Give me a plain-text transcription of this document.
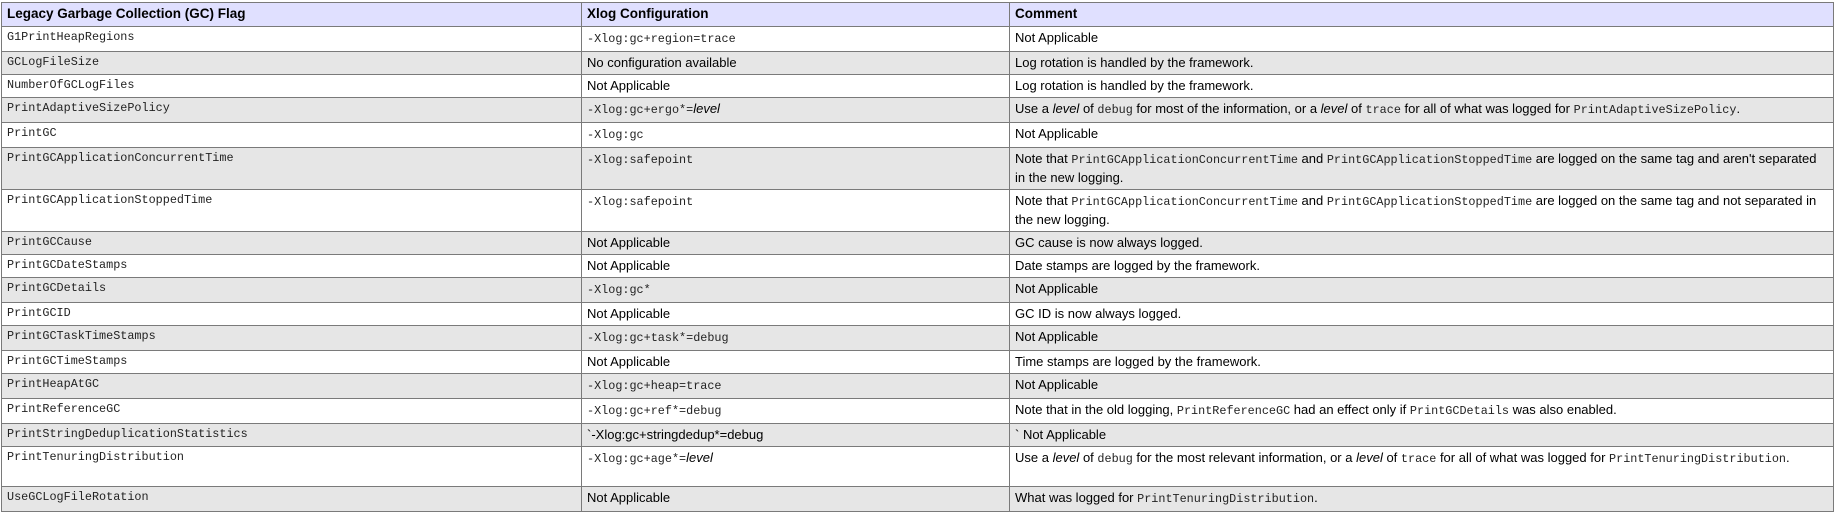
Legacy Garbage Collection (GC) Flag	Xlog Configuration	Comment
G1PrintHeapRegions	-Xlog:gc+region=trace	Not Applicable
GCLogFileSize	No configuration available	Log rotation is handled by the framework.
NumberOfGCLogFiles	Not Applicable	Log rotation is handled by the framework.
PrintAdaptiveSizePolicy	-Xlog:gc+ergo*=level	Use a level of debug for most of the information, or a level of trace for all of what was logged for PrintAdaptiveSizePolicy.
PrintGC	-Xlog:gc	Not Applicable
PrintGCApplicationConcurrentTime	-Xlog:safepoint	Note that PrintGCApplicationConcurrentTime and PrintGCApplicationStoppedTime are logged on the same tag and aren't separated in the new logging.
PrintGCApplicationStoppedTime	-Xlog:safepoint	Note that PrintGCApplicationConcurrentTime and PrintGCApplicationStoppedTime are logged on the same tag and not separated in the new logging.
PrintGCCause	Not Applicable	GC cause is now always logged.
PrintGCDateStamps	Not Applicable	Date stamps are logged by the framework.
PrintGCDetails	-Xlog:gc*	Not Applicable
PrintGCID	Not Applicable	GC ID is now always logged.
PrintGCTaskTimeStamps	-Xlog:gc+task*=debug	Not Applicable
PrintGCTimeStamps	Not Applicable	Time stamps are logged by the framework.
PrintHeapAtGC	-Xlog:gc+heap=trace	Not Applicable
PrintReferenceGC	-Xlog:gc+ref*=debug	Note that in the old logging, PrintReferenceGC had an effect only if PrintGCDetails was also enabled.
PrintStringDeduplicationStatistics	`-Xlog:gc+stringdedup*=debug	` Not Applicable
PrintTenuringDistribution	-Xlog:gc+age*=level	Use a level of debug for the most relevant information, or a level of trace for all of what was logged for PrintTenuringDistribution.
UseGCLogFileRotation	Not Applicable	What was logged for PrintTenuringDistribution.
